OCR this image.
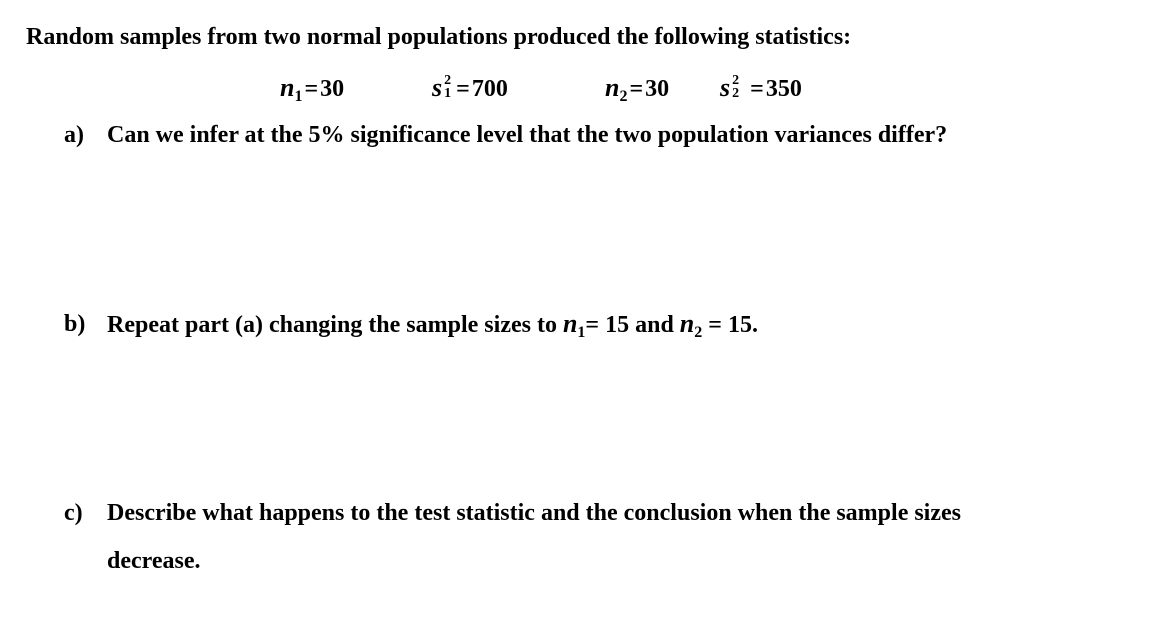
Random samples from two normal populations produced the following statistics:
$n_1=30$	s 2
1 =700	$n_2=30$ s 2
2 =350
a) Can we infer at the 5% significance level that the two population variances differ?
b) Repeat part (a) changing the sample sizes to $n_1= 15$ and $n_2 = 15$.
c) Describe what happens to the test statistic and the conclusion when the sample sizes
decrease.
